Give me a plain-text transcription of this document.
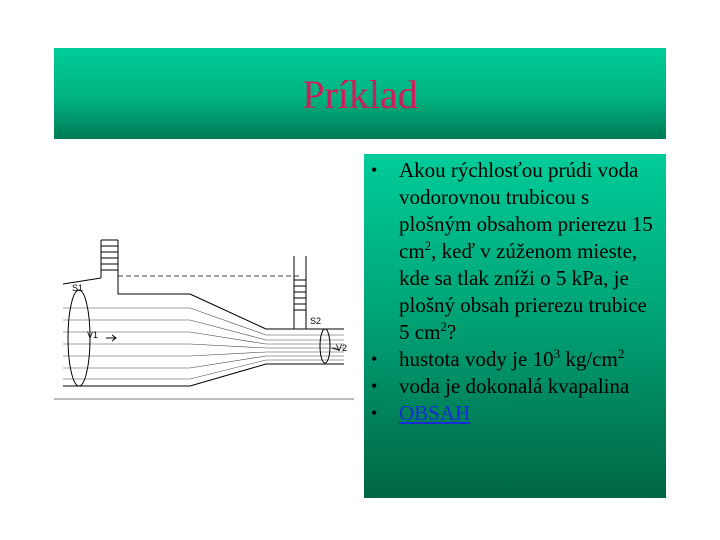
Príklad
S1
V1
S2
V2
• Akou rýchlosťou prúdi voda vodorovnou trubicou s plošným obsahom prierezu 15 $cm^2$, keď v zúženom mieste, kde sa tlak zníži o 5 kPa, je plošný obsah prierezu trubice 5 $cm^2$?
• hustota vody je $10^3$ $kg/cm^2$
• voda je dokonalá kvapalina
• OBSAH
